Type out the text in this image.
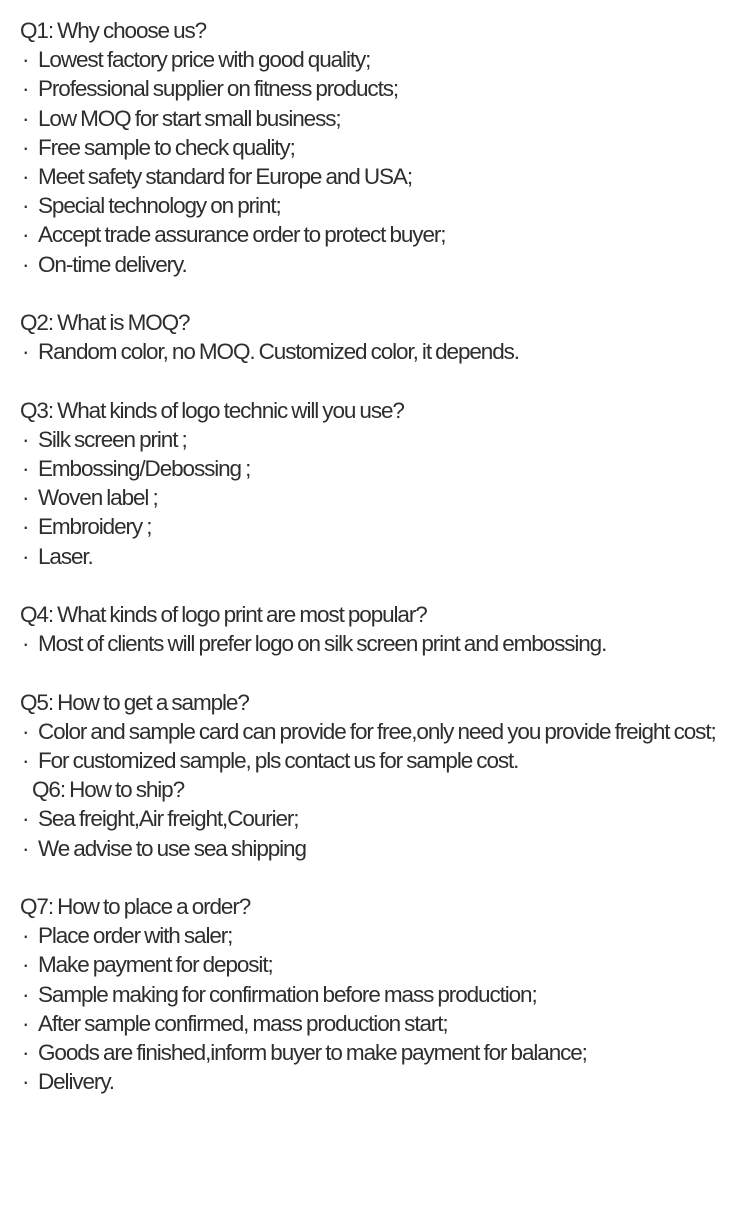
Q1: Why choose us?
· Lowest factory price with good quality;
· Professional supplier on fitness products;
· Low MOQ for start small business;
· Free sample to check quality;
· Meet safety standard for Europe and USA;
· Special technology on print;
· Accept trade assurance order to protect buyer;
· On-time delivery.
Q2: What is MOQ?
· Random color, no MOQ. Customized color, it depends.
Q3: What kinds of logo technic will you use?
· Silk screen print ;
· Embossing/Debossing ;
· Woven label ;
· Embroidery ;
· Laser.
Q4: What kinds of logo print are most popular?
· Most of clients will prefer logo on silk screen print and embossing.
Q5: How to get a sample?
· Color and sample card can provide for free,only need you provide freight cost;
· For customized sample, pls contact us for sample cost.
Q6: How to ship?
· Sea freight,Air freight,Courier;
· We advise to use sea shipping
Q7: How to place a order?
· Place order with saler;
· Make payment for deposit;
· Sample making for confirmation before mass production;
· After sample confirmed, mass production start;
· Goods are finished,inform buyer to make payment for balance;
· Delivery.
